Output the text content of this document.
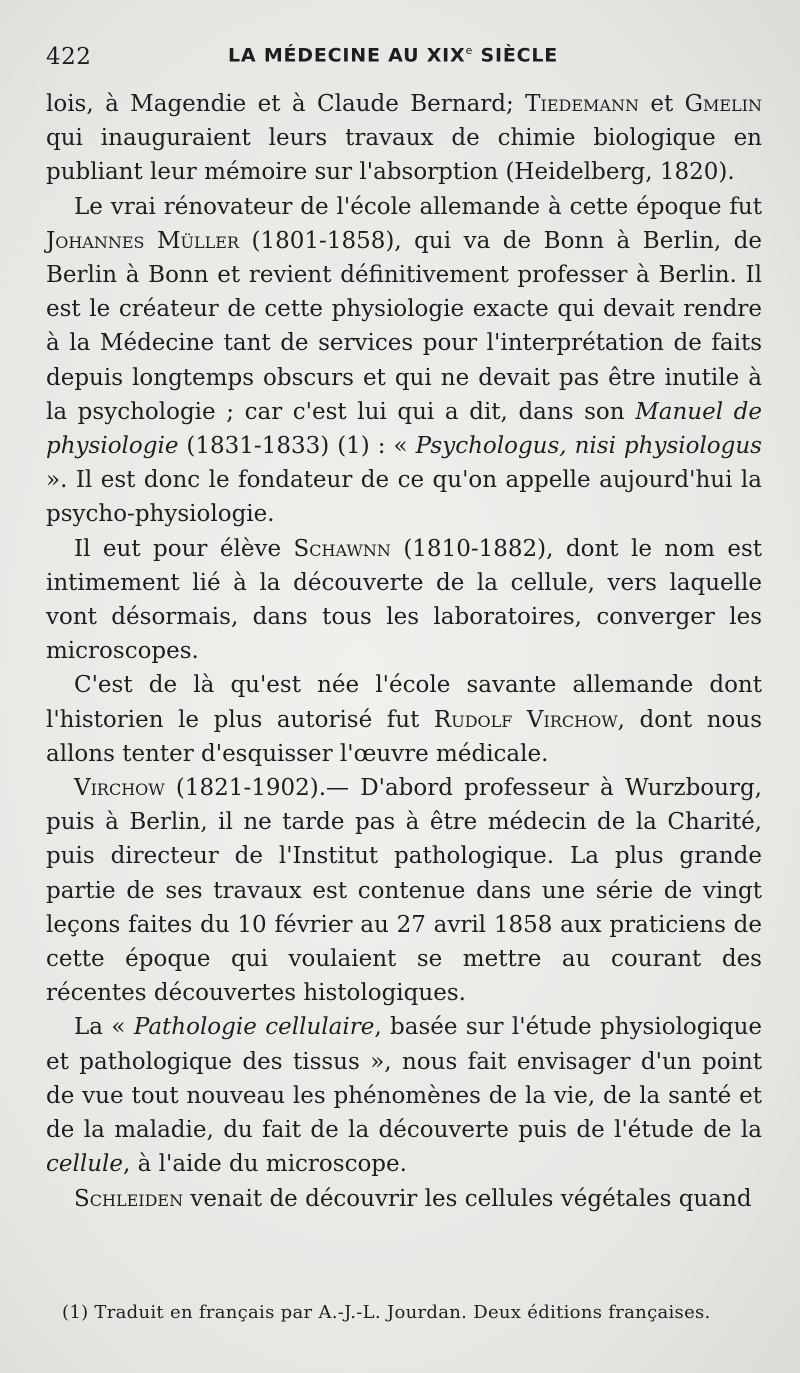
422	LA MÉDECINE AU XIXe SIÈCLE

lois, à Magendie et à Claude Bernard; Tiedemann et Gmelin qui inauguraient leurs travaux de chimie biologique en publiant leur mémoire sur l'absorption (Heidelberg, 1820).

Le vrai rénovateur de l'école allemande à cette époque fut Johannes Müller (1801-1858), qui va de Bonn à Berlin, de Berlin à Bonn et revient définitivement professer à Berlin. Il est le créateur de cette physiologie exacte qui devait rendre à la Médecine tant de services pour l'interprétation de faits depuis longtemps obscurs et qui ne devait pas être inutile à la psychologie ; car c'est lui qui a dit, dans son Manuel de physiologie (1831-1833) (1) : « Psychologus, nisi physiologus ». Il est donc le fondateur de ce qu'on appelle aujourd'hui la psycho-physiologie.

Il eut pour élève Schawnn (1810-1882), dont le nom est intimement lié à la découverte de la cellule, vers laquelle vont désormais, dans tous les laboratoires, converger les microscopes.

C'est de là qu'est née l'école savante allemande dont l'historien le plus autorisé fut Rudolf Virchow, dont nous allons tenter d'esquisser l'œuvre médicale.

Virchow (1821-1902).— D'abord professeur à Wurzbourg, puis à Berlin, il ne tarde pas à être médecin de la Charité, puis directeur de l'Institut pathologique. La plus grande partie de ses travaux est contenue dans une série de vingt leçons faites du 10 février au 27 avril 1858 aux praticiens de cette époque qui voulaient se mettre au courant des récentes découvertes histologiques.

La « Pathologie cellulaire, basée sur l'étude physiologique et pathologique des tissus », nous fait envisager d'un point de vue tout nouveau les phénomènes de la vie, de la santé et de la maladie, du fait de la découverte puis de l'étude de la cellule, à l'aide du microscope.

Schleiden venait de découvrir les cellules végétales quand

(1) Traduit en français par A.-J.-L. Jourdan. Deux éditions françaises.
